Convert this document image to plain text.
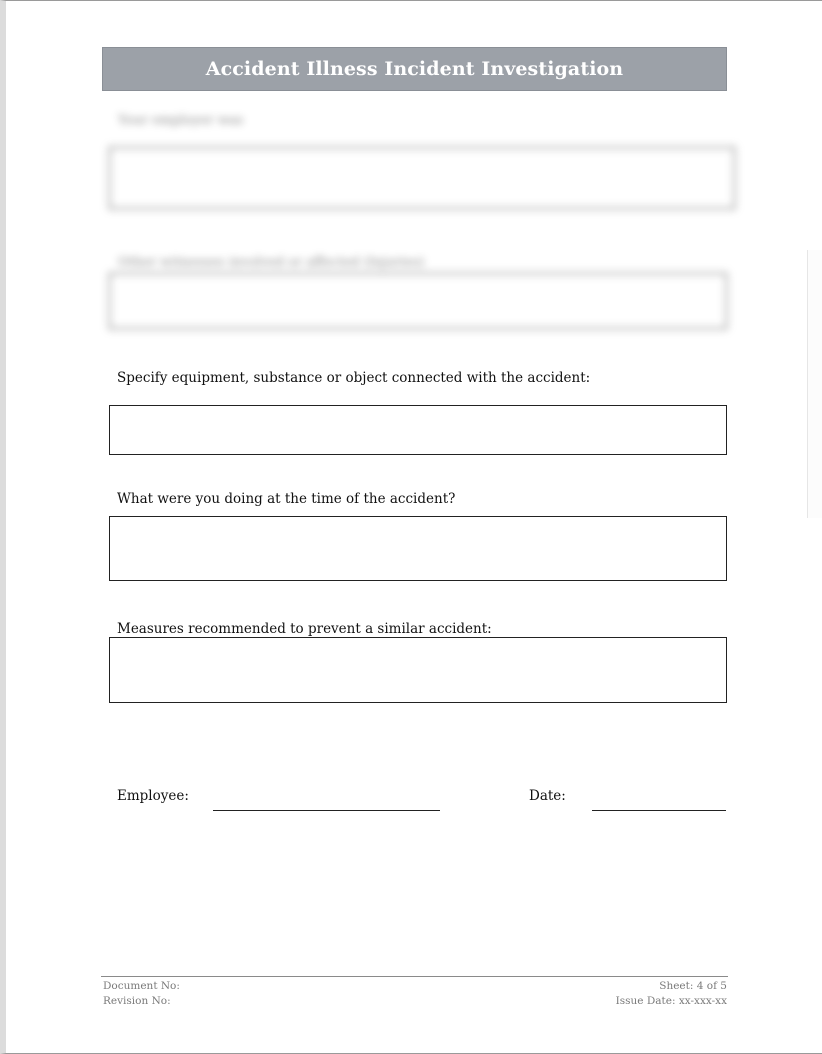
Accident Illness Incident Investigation
Your employer was
Other witnesses involved or affected (Injuries)
Specify equipment, substance or object connected with the accident:
What were you doing at the time of the accident?
Measures recommended to prevent a similar accident:
Employee:	Date:
Document No:
Revision No:
Sheet: 4 of 5
Issue Date: xx-xxx-xx
